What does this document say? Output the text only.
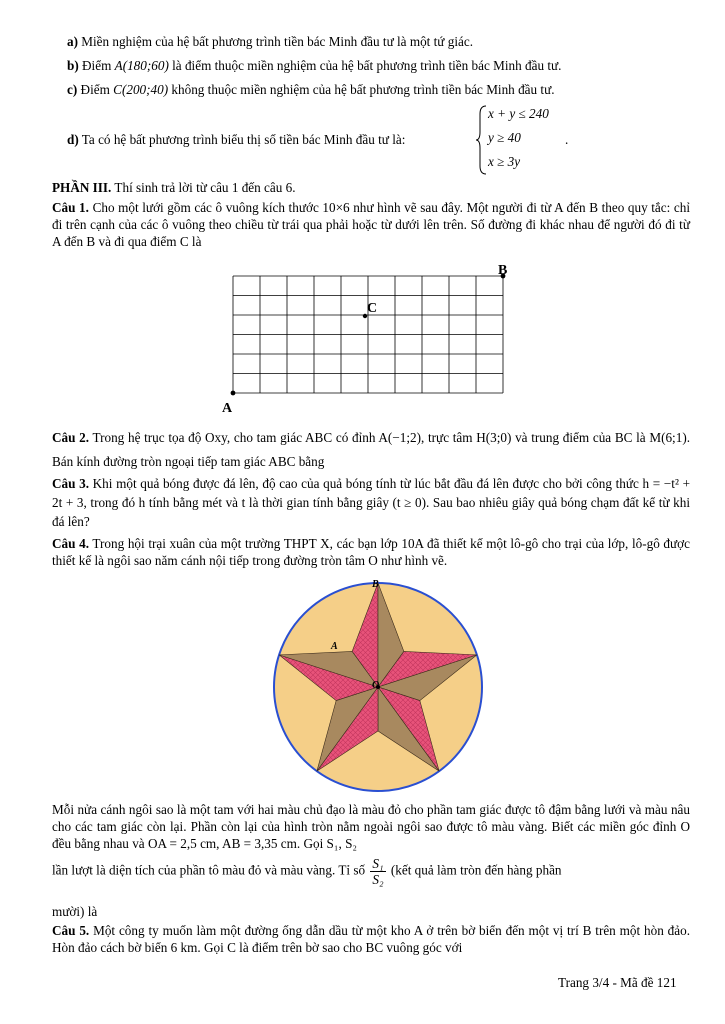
a) Miền nghiệm của hệ bất phương trình tiền bác Minh đầu tư là một tứ giác.
b) Điểm A(180;60) là điểm thuộc miền nghiệm của hệ bất phương trình tiền bác Minh đầu tư.
c) Điểm C(200;40) không thuộc miền nghiệm của hệ bất phương trình tiền bác Minh đầu tư.
d) Ta có hệ bất phương trình biểu thị số tiền bác Minh đầu tư là:
x + y ≤ 240
y ≥ 40
x ≥ 3y
.
PHẦN III. Thí sinh trả lời từ câu 1 đến câu 6.
Câu 1. Cho một lưới gồm các ô vuông kích thước 10×6 như hình vẽ sau đây. Một người đi từ A đến B theo quy tắc: chỉ đi trên cạnh của các ô vuông theo chiều từ trái qua phải hoặc từ dưới lên trên. Số đường đi khác nhau để người đó đi từ A đến B và đi qua điểm C là
A
B
C
Câu 2. Trong hệ trục tọa độ Oxy, cho tam giác ABC có đỉnh A(−1;2), trực tâm H(3;0) và trung điểm của BC là M(6;1). Bán kính đường tròn ngoại tiếp tam giác ABC bằng
Câu 3. Khi một quả bóng được đá lên, độ cao của quả bóng tính từ lúc bắt đầu đá lên được cho bởi công thức h = −t² + 2t + 3, trong đó h tính bằng mét và t là thời gian tính bằng giây (t ≥ 0). Sau bao nhiêu giây quả bóng chạm đất kể từ khi đá lên?
Câu 4. Trong hội trại xuân của một trường THPT X, các bạn lớp 10A đã thiết kế một lô-gô cho trại của lớp, lô-gô được thiết kế là ngôi sao năm cánh nội tiếp trong đường tròn tâm O như hình vẽ.
B
A
O
Mỗi nửa cánh ngôi sao là một tam với hai màu chủ đạo là màu đỏ cho phần tam giác được tô đậm bằng lưới và màu nâu cho các tam giác còn lại. Phần còn lại của hình tròn nằm ngoài ngôi sao được tô màu vàng. Biết các miền góc đỉnh O đều bằng nhau và OA = 2,5 cm, AB = 3,35 cm. Gọi S₁, S₂
lần lượt là diện tích của phần tô màu đỏ và màu vàng. Tỉ số $\frac{\text{S₁}}{\text{S₂}}$ (kết quả làm tròn đến hàng phần
mười) là
Câu 5. Một công ty muốn làm một đường ống dẫn dầu từ một kho A ở trên bờ biển đến một vị trí B trên một hòn đảo. Hòn đảo cách bờ biển 6 km. Gọi C là điểm trên bờ sao cho BC vuông góc với
Trang 3/4 - Mã đề 121
